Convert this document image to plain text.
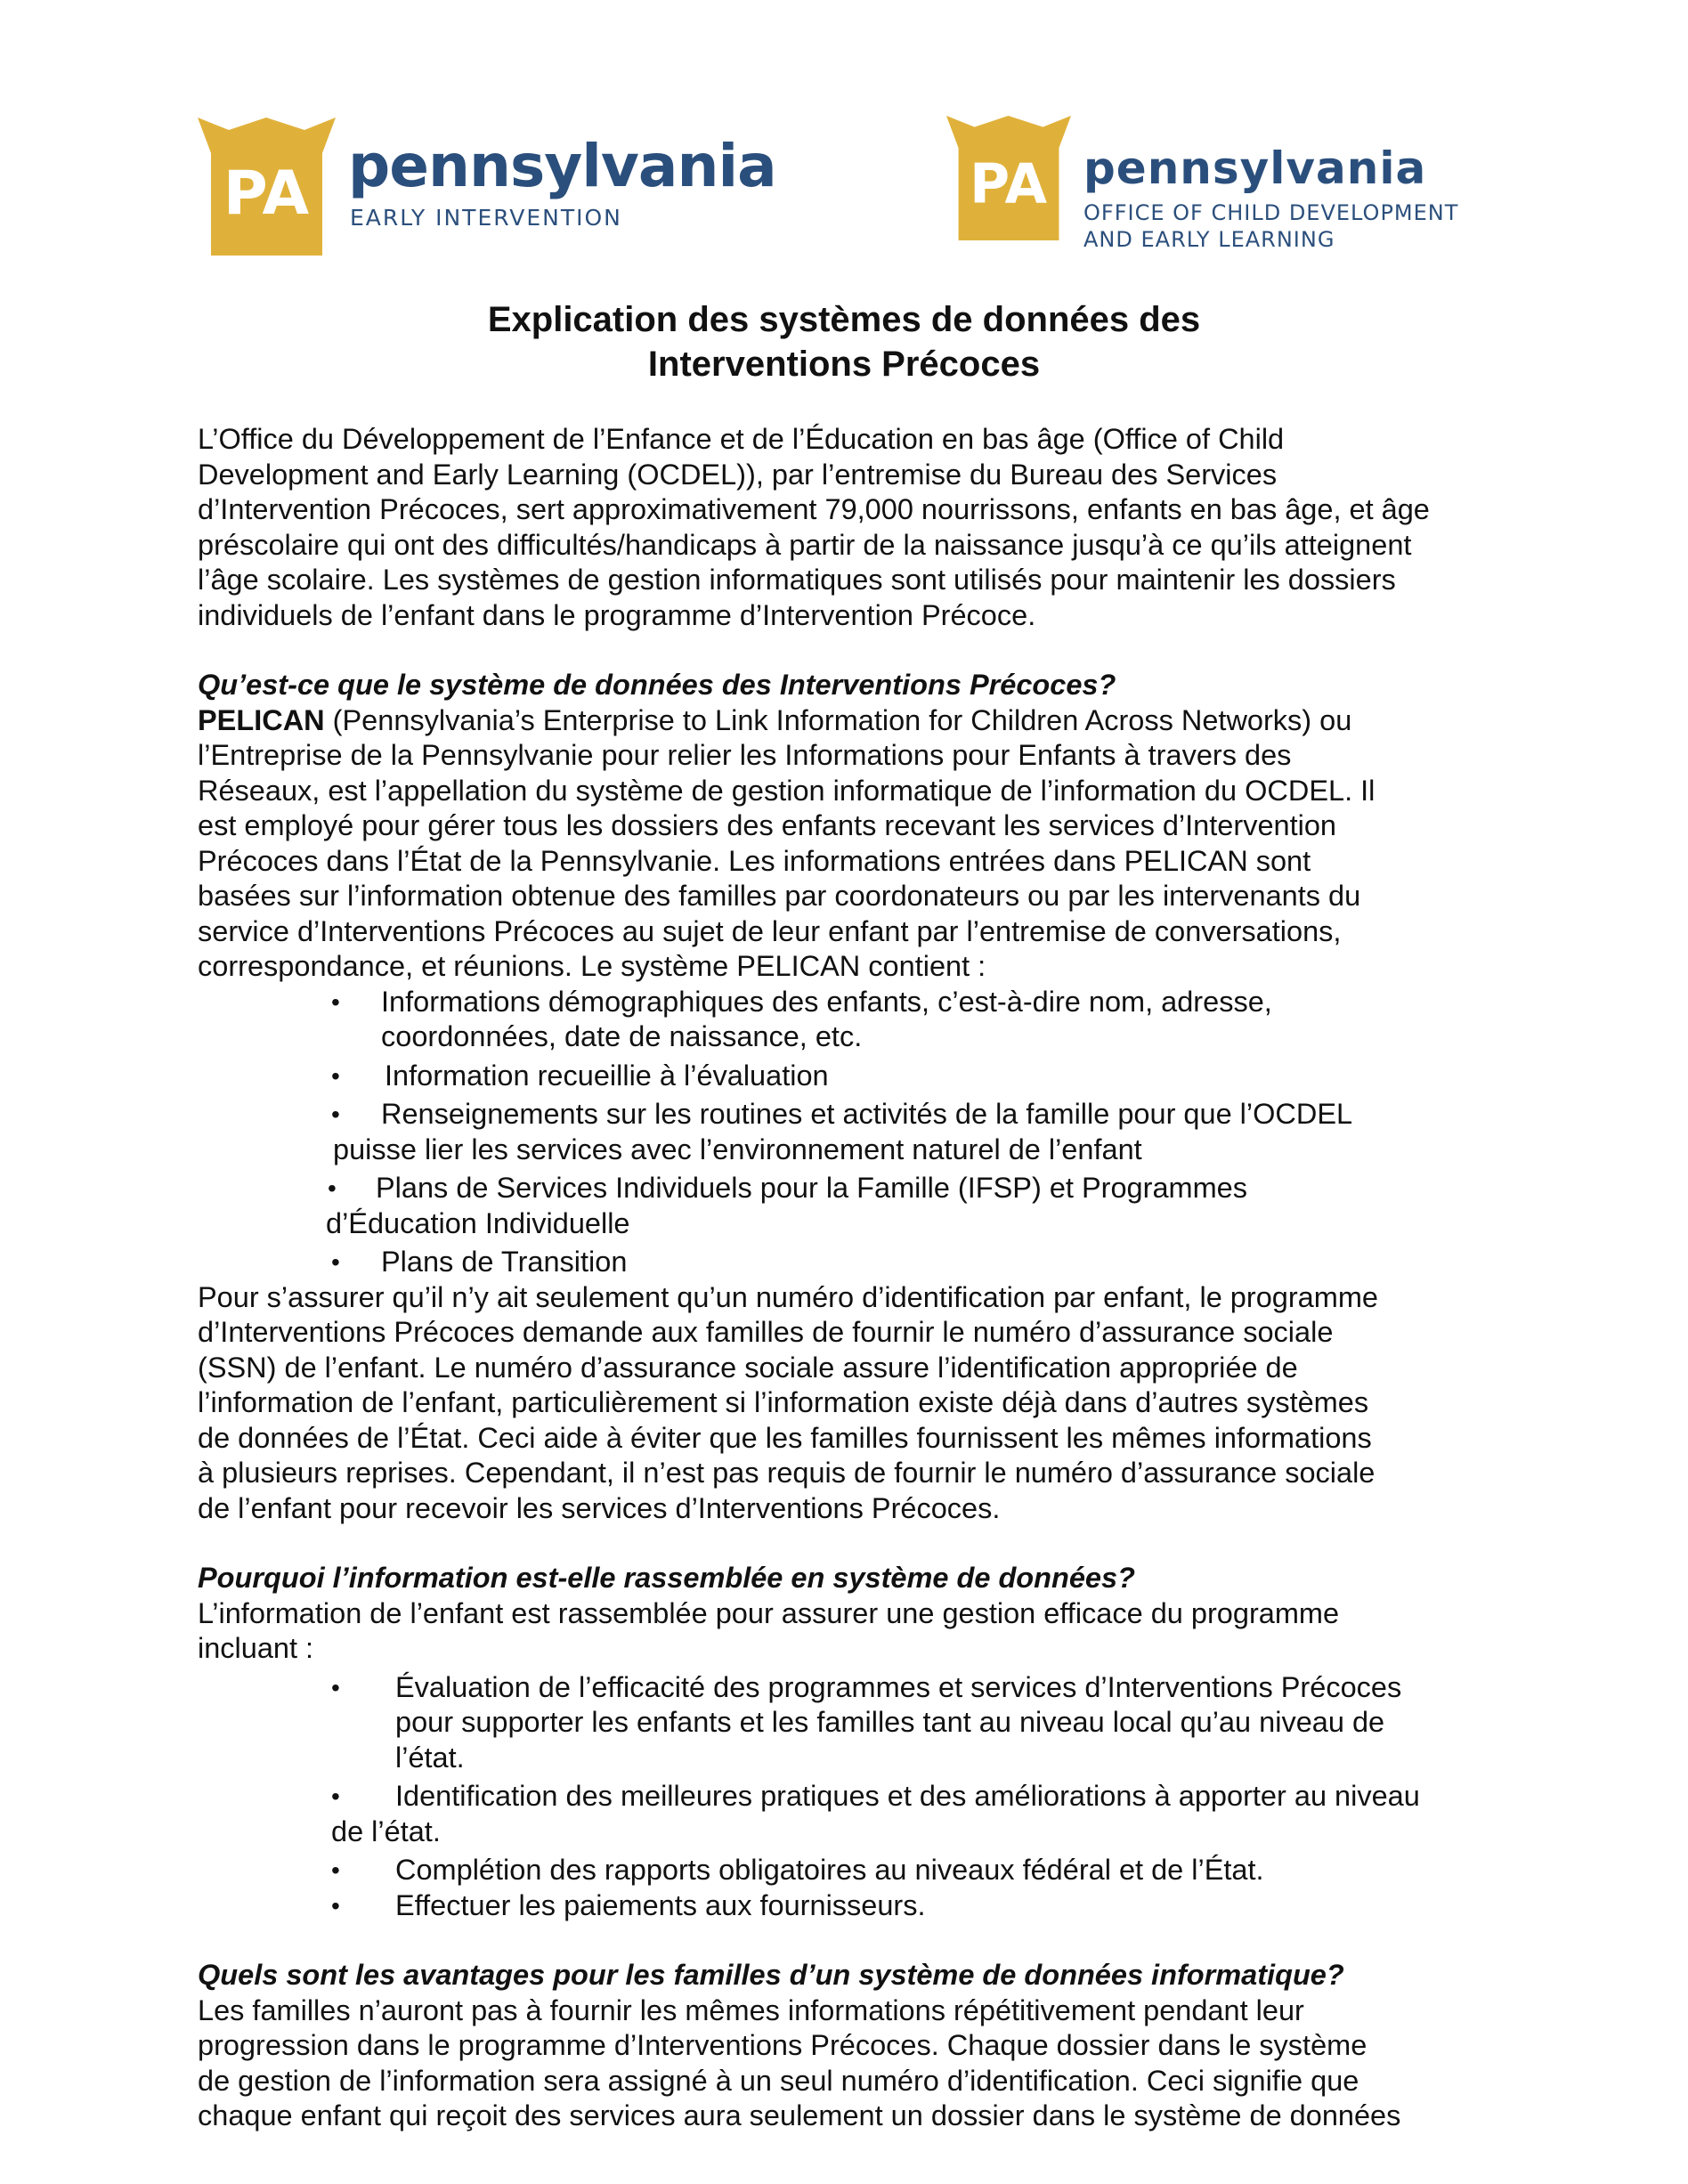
PA pennsylvania
EARLY INTERVENTION
PA pennsylvania
OFFICE OF CHILD DEVELOPMENT
AND EARLY LEARNING
Explication des systèmes de données des
Interventions Précoces

L’Office du Développement de l’Enfance et de l’Éducation en bas âge (Office of Child

Development and Early Learning (OCDEL)), par l’entremise du Bureau des Services

d’Intervention Précoces, sert approximativement 79,000 nourrissons, enfants en bas âge, et âge

préscolaire qui ont des difficultés/handicaps à partir de la naissance jusqu’à ce qu’ils atteignent

l’âge scolaire. Les systèmes de gestion informatiques sont utilisés pour maintenir les dossiers

individuels de l’enfant dans le programme d’Intervention Précoce.

Qu’est-ce que le système de données des Interventions Précoces?

PELICAN (Pennsylvania’s Enterprise to Link Information for Children Across Networks) ou

l’Entreprise de la Pennsylvanie pour relier les Informations pour Enfants à travers des

Réseaux, est l’appellation du système de gestion informatique de l’information du OCDEL. Il

est employé pour gérer tous les dossiers des enfants recevant les services d’Intervention

Précoces dans l’État de la Pennsylvanie. Les informations entrées dans PELICAN sont

basées sur l’information obtenue des familles par coordonateurs ou par les intervenants du

service d’Interventions Précoces au sujet de leur enfant par l’entremise de conversations,

correspondance, et réunions. Le système PELICAN contient :

• Informations démographiques des enfants, c’est-à-dire nom, adresse,
coordonnées, date de naissance, etc.
• Information recueillie à l’évaluation
• Renseignements sur les routines et activités de la famille pour que l’OCDEL
puisse lier les services avec l’environnement naturel de l’enfant
• Plans de Services Individuels pour la Famille (IFSP) et Programmes
d’Éducation Individuelle
• Plans de Transition

Pour s’assurer qu’il n’y ait seulement qu’un numéro d’identification par enfant, le programme

d’Interventions Précoces demande aux familles de fournir le numéro d’assurance sociale

(SSN) de l’enfant. Le numéro d’assurance sociale assure l’identification appropriée de

l’information de l’enfant, particulièrement si l’information existe déjà dans d’autres systèmes

de données de l’État. Ceci aide à éviter que les familles fournissent les mêmes informations

à plusieurs reprises. Cependant, il n’est pas requis de fournir le numéro d’assurance sociale

de l’enfant pour recevoir les services d’Interventions Précoces.

Pourquoi l’information est-elle rassemblée en système de données?

L’information de l’enfant est rassemblée pour assurer une gestion efficace du programme

incluant :

• Évaluation de l’efficacité des programmes et services d’Interventions Précoces
pour supporter les enfants et les familles tant au niveau local qu’au niveau de
l’état.
• Identification des meilleures pratiques et des améliorations à apporter au niveau
de l’état.
• Complétion des rapports obligatoires au niveaux fédéral et de l’État.
• Effectuer les paiements aux fournisseurs.

Quels sont les avantages pour les familles d’un système de données informatique?

Les familles n’auront pas à fournir les mêmes informations répétitivement pendant leur

progression dans le programme d’Interventions Précoces. Chaque dossier dans le système

de gestion de l’information sera assigné à un seul numéro d’identification. Ceci signifie que

chaque enfant qui reçoit des services aura seulement un dossier dans le système de données
